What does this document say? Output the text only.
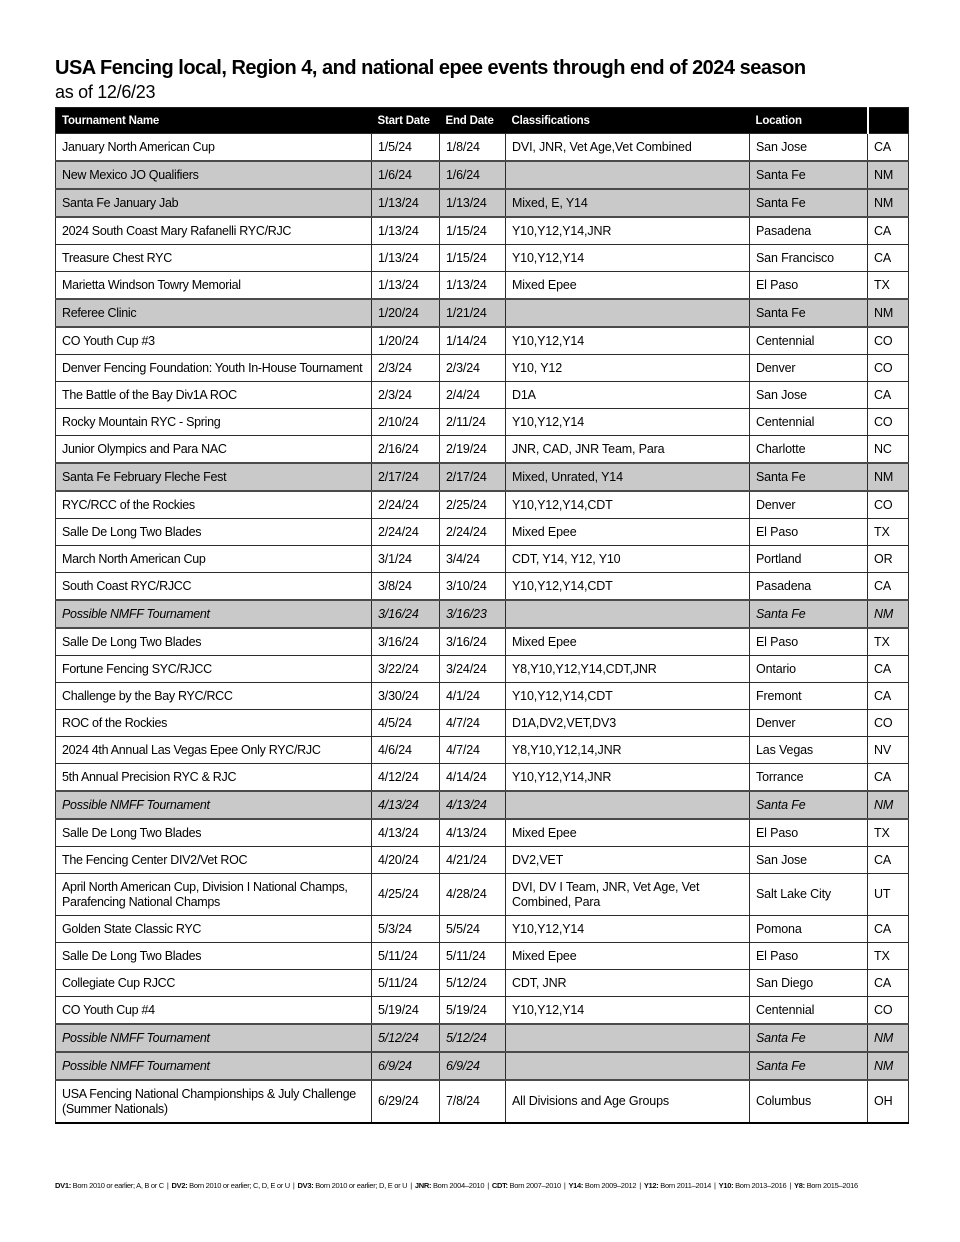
USA Fencing local, Region 4, and national epee events through end of 2024 season
as of 12/6/23
Tournament Name	Start Date	End Date	Classifications	Location	
January North American Cup	1/5/24	1/8/24	DVI, JNR, Vet Age,Vet Combined	San Jose	CA
New Mexico JO Qualifiers	1/6/24	1/6/24		Santa Fe	NM
Santa Fe January Jab	1/13/24	1/13/24	Mixed, E, Y14	Santa Fe	NM
2024 South Coast Mary Rafanelli RYC/RJC	1/13/24	1/15/24	Y10,Y12,Y14,JNR	Pasadena	CA
Treasure Chest RYC	1/13/24	1/15/24	Y10,Y12,Y14	San Francisco	CA
Marietta Windson Towry Memorial	1/13/24	1/13/24	Mixed Epee	El Paso	TX
Referee Clinic	1/20/24	1/21/24		Santa Fe	NM
CO Youth Cup #3	1/20/24	1/14/24	Y10,Y12,Y14	Centennial	CO
Denver Fencing Foundation: Youth In-House Tournament	2/3/24	2/3/24	Y10, Y12	Denver	CO
The Battle of the Bay Div1A ROC	2/3/24	2/4/24	D1A	San Jose	CA
Rocky Mountain RYC - Spring	2/10/24	2/11/24	Y10,Y12,Y14	Centennial	CO
Junior Olympics and Para NAC	2/16/24	2/19/24	JNR, CAD, JNR Team, Para	Charlotte	NC
Santa Fe February Fleche Fest	2/17/24	2/17/24	Mixed, Unrated, Y14	Santa Fe	NM
RYC/RCC of the Rockies	2/24/24	2/25/24	Y10,Y12,Y14,CDT	Denver	CO
Salle De Long Two Blades	2/24/24	2/24/24	Mixed Epee	El Paso	TX
March North American Cup	3/1/24	3/4/24	CDT, Y14, Y12, Y10	Portland	OR
South Coast RYC/RJCC	3/8/24	3/10/24	Y10,Y12,Y14,CDT	Pasadena	CA
Possible NMFF Tournament	3/16/24	3/16/23		Santa Fe	NM
Salle De Long Two Blades	3/16/24	3/16/24	Mixed Epee	El Paso	TX
Fortune Fencing SYC/RJCC	3/22/24	3/24/24	Y8,Y10,Y12,Y14,CDT,JNR	Ontario	CA
Challenge by the Bay RYC/RCC	3/30/24	4/1/24	Y10,Y12,Y14,CDT	Fremont	CA
ROC of the Rockies	4/5/24	4/7/24	D1A,DV2,VET,DV3	Denver	CO
2024 4th Annual Las Vegas Epee Only RYC/RJC	4/6/24	4/7/24	Y8,Y10,Y12,14,JNR	Las Vegas	NV
5th Annual Precision RYC & RJC	4/12/24	4/14/24	Y10,Y12,Y14,JNR	Torrance	CA
Possible NMFF Tournament	4/13/24	4/13/24		Santa Fe	NM
Salle De Long Two Blades	4/13/24	4/13/24	Mixed Epee	El Paso	TX
The Fencing Center DIV2/Vet ROC	4/20/24	4/21/24	DV2,VET	San Jose	CA
April North American Cup, Division I National Champs, Parafencing National Champs	4/25/24	4/28/24	DVI, DV I Team, JNR, Vet Age, Vet Combined, Para	Salt Lake City	UT
Golden State Classic RYC	5/3/24	5/5/24	Y10,Y12,Y14	Pomona	CA
Salle De Long Two Blades	5/11/24	5/11/24	Mixed Epee	El Paso	TX
Collegiate Cup RJCC	5/11/24	5/12/24	CDT, JNR	San Diego	CA
CO Youth Cup #4	5/19/24	5/19/24	Y10,Y12,Y14	Centennial	CO
Possible NMFF Tournament	5/12/24	5/12/24		Santa Fe	NM
Possible NMFF Tournament	6/9/24	6/9/24		Santa Fe	NM
USA Fencing National Championships & July Challenge (Summer Nationals)	6/29/24	7/8/24	All Divisions and Age Groups	Columbus	OH
DV1: Born 2010 or earlier; A, B or C | DV2: Born 2010 or earlier; C, D, E or U | DV3: Born 2010 or earlier; D, E or U | JNR: Born 2004–2010 | CDT: Born 2007–2010 | Y14: Born 2009–2012 | Y12: Born 2011–2014 | Y10: Born 2013–2016 | Y8: Born 2015–2016
